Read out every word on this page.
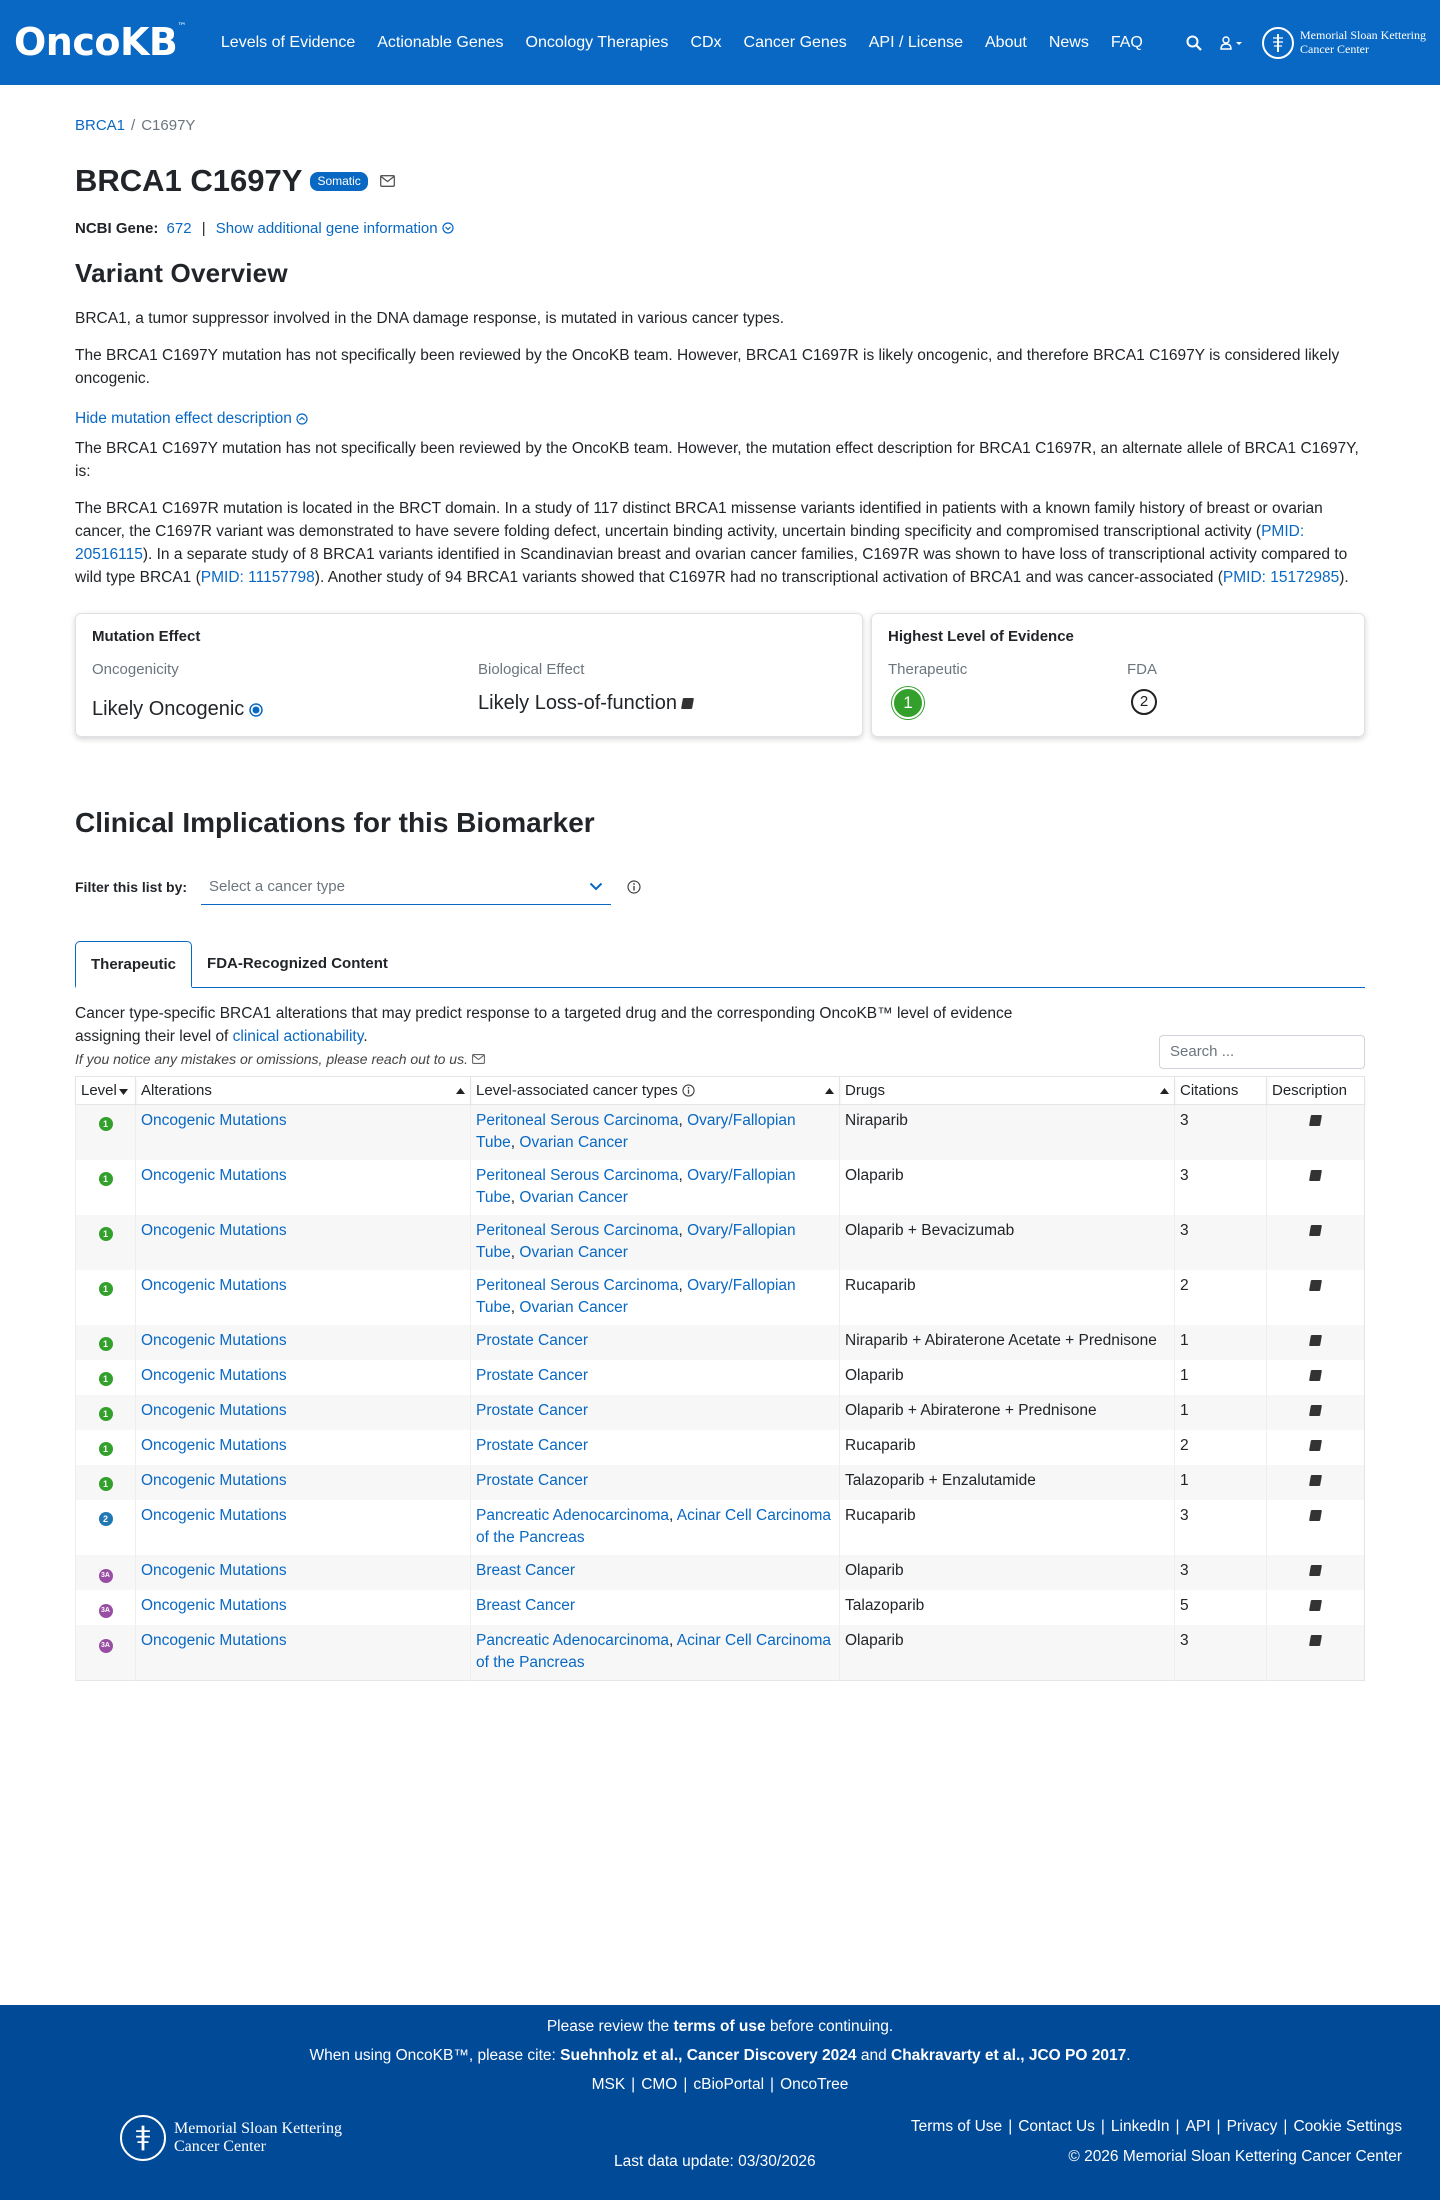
OncoKB™
Levels of Evidence	Actionable Genes	Oncology Therapies	CDx	Cancer Genes	API / License	About	News	FAQ	Memorial Sloan Kettering
Cancer Center
BRCA1 / C1697Y
BRCA1 C1697Y	Somatic
NCBI Gene: 672 | Show additional gene information
Variant Overview

BRCA1, a tumor suppressor involved in the DNA damage response, is mutated in various cancer types.

The BRCA1 C1697Y mutation has not specifically been reviewed by the OncoKB team. However, BRCA1 C1697R is likely oncogenic, and therefore BRCA1 C1697Y is considered likely oncogenic.

Hide mutation effect description

The BRCA1 C1697Y mutation has not specifically been reviewed by the OncoKB team. However, the mutation effect description for BRCA1 C1697R, an alternate allele of BRCA1 C1697Y, is:

The BRCA1 C1697R mutation is located in the BRCT domain. In a study of 117 distinct BRCA1 missense variants identified in patients with a known family history of breast or ovarian cancer, the C1697R variant was demonstrated to have severe folding defect, uncertain binding activity, uncertain binding specificity and compromised transcriptional activity (PMID: 20516115). In a separate study of 8 BRCA1 variants identified in Scandinavian breast and ovarian cancer families, C1697R was shown to have loss of transcriptional activity compared to wild type BRCA1 (PMID: 11157798). Another study of 94 BRCA1 variants showed that C1697R had no transcriptional activation of BRCA1 and was cancer-associated (PMID: 15172985).

Mutation Effect
Oncogenicity
Likely Oncogenic
Biological Effect
Likely Loss-of-function
Highest Level of Evidence
Therapeutic
1
FDA
2
Clinical Implications for this Biomarker
Filter this list by: Select a cancer type
Therapeutic	FDA-Recognized Content
Cancer type-specific BRCA1 alterations that may predict response to a targeted drug and the corresponding OncoKB™ level of evidence assigning their level of clinical actionability.
If you notice any mistakes or omissions, please reach out to us.	Search ...
Level	Alterations	Level-associated cancer types	Drugs	Citations	Description
1	Oncogenic Mutations	Peritoneal Serous Carcinoma, Ovary/Fallopian Tube, Ovarian Cancer	Niraparib	3	
1	Oncogenic Mutations	Peritoneal Serous Carcinoma, Ovary/Fallopian Tube, Ovarian Cancer	Olaparib	3	
1	Oncogenic Mutations	Peritoneal Serous Carcinoma, Ovary/Fallopian Tube, Ovarian Cancer	Olaparib + Bevacizumab	3	
1	Oncogenic Mutations	Peritoneal Serous Carcinoma, Ovary/Fallopian Tube, Ovarian Cancer	Rucaparib	2	
1	Oncogenic Mutations	Prostate Cancer	Niraparib + Abiraterone Acetate + Prednisone	1	
1	Oncogenic Mutations	Prostate Cancer	Olaparib	1	
1	Oncogenic Mutations	Prostate Cancer	Olaparib + Abiraterone + Prednisone	1	
1	Oncogenic Mutations	Prostate Cancer	Rucaparib	2	
1	Oncogenic Mutations	Prostate Cancer	Talazoparib + Enzalutamide	1	
2	Oncogenic Mutations	Pancreatic Adenocarcinoma, Acinar Cell Carcinoma of the Pancreas	Rucaparib	3	
3A	Oncogenic Mutations	Breast Cancer	Olaparib	3	
3A	Oncogenic Mutations	Breast Cancer	Talazoparib	5	
3A	Oncogenic Mutations	Pancreatic Adenocarcinoma, Acinar Cell Carcinoma of the Pancreas	Olaparib	3	
Please review the terms of use before continuing.
When using OncoKB™, please cite: Suehnholz et al., Cancer Discovery 2024 and Chakravarty et al., JCO PO 2017.
MSK | CMO | cBioPortal | OncoTree
Memorial Sloan Kettering
Cancer Center
Last data update: 03/30/2026
Terms of Use | Contact Us | LinkedIn | API | Privacy | Cookie Settings
© 2026 Memorial Sloan Kettering Cancer Center
